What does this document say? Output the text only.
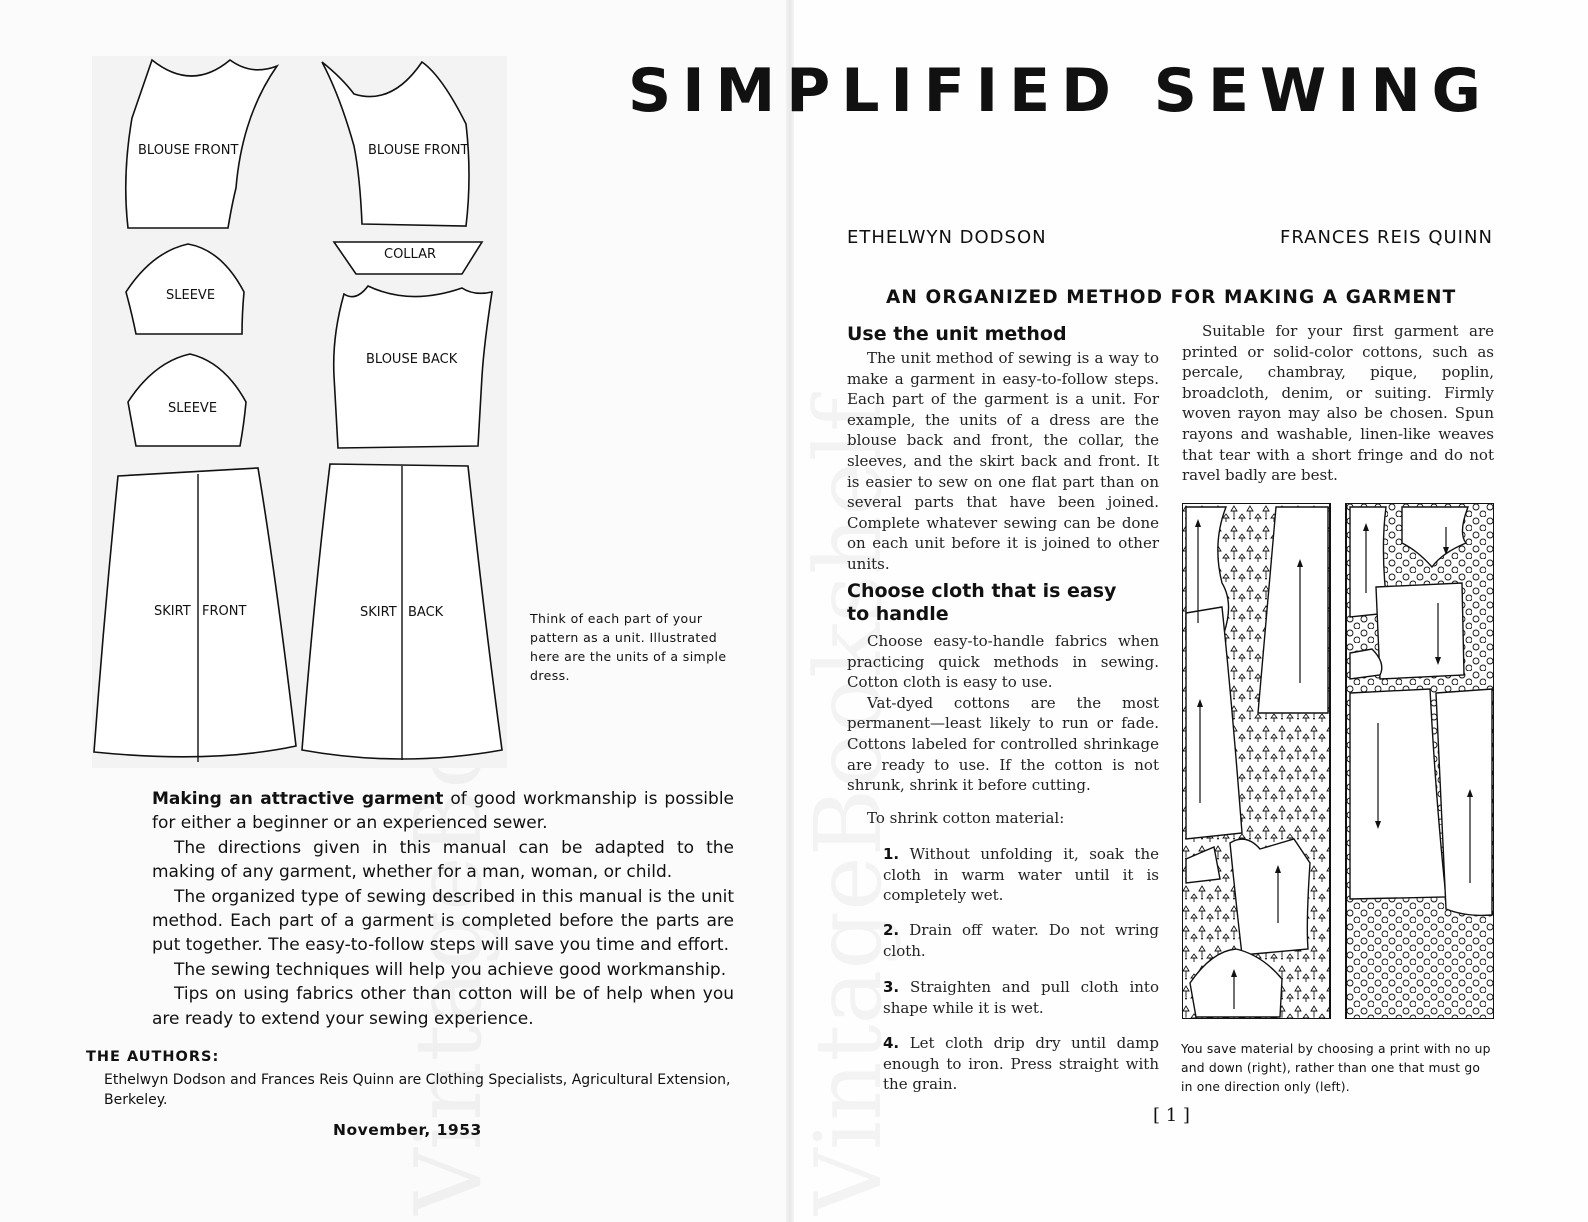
BLOUSE FRONT	BLOUSE FRONT
COLLAR
SLEEVE
SLEEVE
BLOUSE BACK
SKIRT FRONT	SKIRT BACK	Think of each part of your pattern as a unit. Illustrated here are the units of a simple dress.

Making an attractive garment of good workmanship is possible for either a beginner or an experienced sewer.

The directions given in this manual can be adapted to the making of any garment, whether for a man, woman, or child.

The organized type of sewing described in this manual is the unit method. Each part of a garment is completed before the parts are put together. The easy-to-follow steps will save you time and effort.

The sewing techniques will help you achieve good workmanship.

Tips on using fabrics other than cotton will be of help when you are ready to extend your sewing experience.

THE AUTHORS:
Ethelwyn Dodson and Frances Reis Quinn are Clothing Specialists, Agricultural Extension, Berkeley.
November, 1953
SIMPLIFIED SEWING
ETHELWYN DODSON	FRANCES REIS QUINN
AN ORGANIZED METHOD FOR MAKING A GARMENT
Use the unit method

The unit method of sewing is a way to make a garment in easy-to-follow steps. Each part of the garment is a unit. For example, the units of a dress are the blouse back and front, the collar, the sleeves, and the skirt back and front. It is easier to sew on one flat part than on several parts that have been joined. Complete whatever sewing can be done on each unit before it is joined to other units.

Choose cloth that is easy
to handle

Choose easy-to-handle fabrics when practicing quick methods in sewing. Cotton cloth is easy to use.

Vat-dyed cottons are the most permanent—least likely to run or fade. Cottons labeled for controlled shrinkage are ready to use. If the cotton is not shrunk, shrink it before cutting.

To shrink cotton material:

1. Without unfolding it, soak the cloth in warm water until it is completely wet.
2. Drain off water. Do not wring cloth.
3. Straighten and pull cloth into shape while it is wet.
4. Let cloth drip dry until damp enough to iron. Press straight with the grain.

Suitable for your first garment are printed or solid-color cottons, such as percale, chambray, pique, poplin, broadcloth, denim, or suiting. Firmly woven rayon may also be chosen. Spun rayons and washable, linen-like weaves that tear with a short fringe and do not ravel badly are best.

You save material by choosing a print with no up and down (right), rather than one that must go in one direction only (left).
[ 1 ]
